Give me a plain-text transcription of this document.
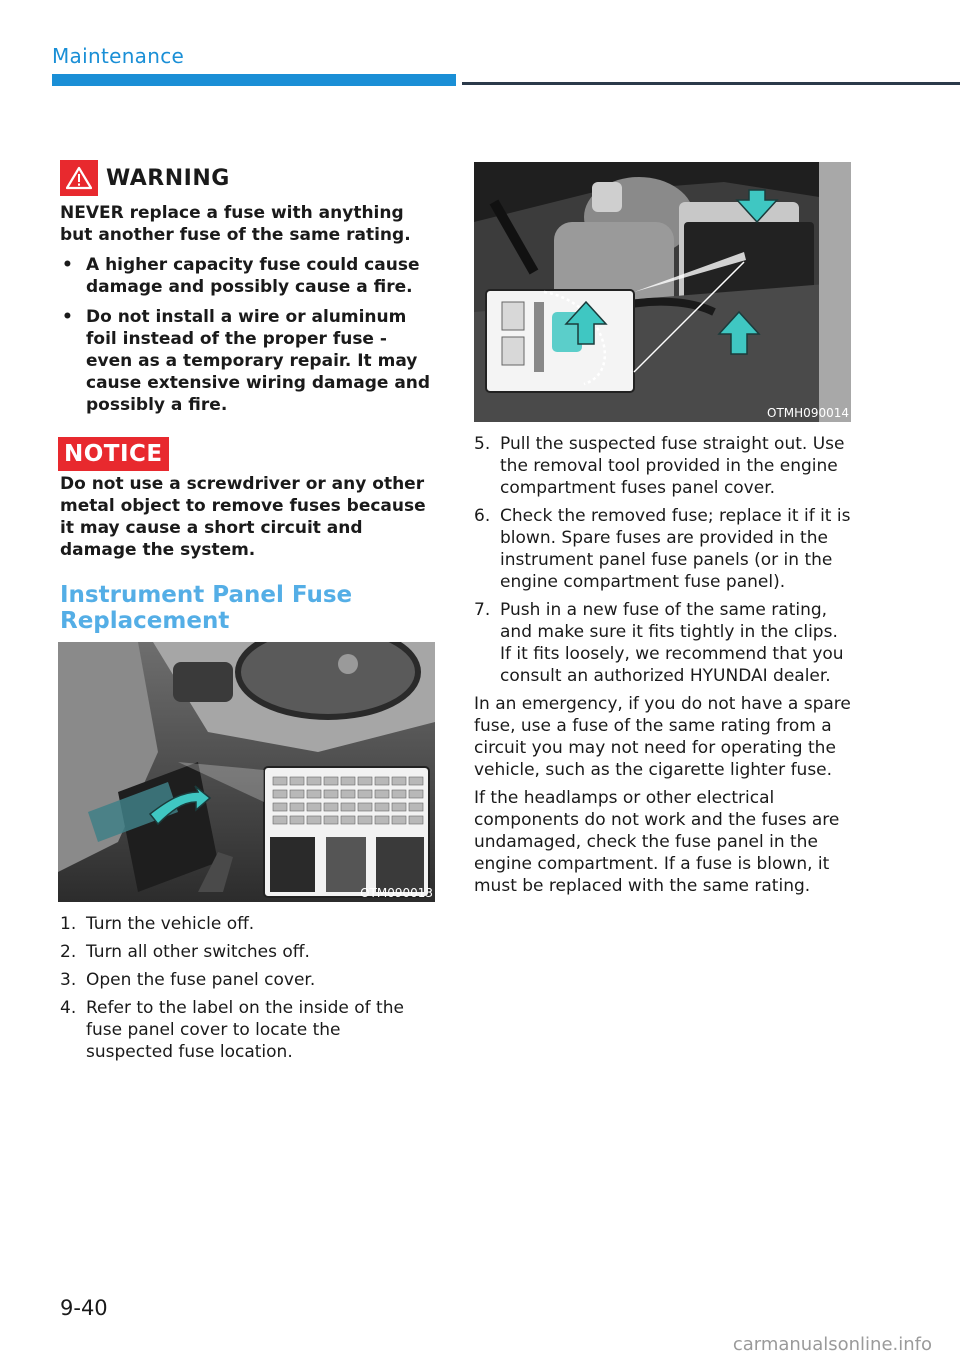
Maintenance
WARNING

NEVER replace a fuse with anything but another fuse of the same rating.

• A higher capacity fuse could cause damage and possibly cause a fire.
• Do not install a wire or aluminum foil instead of the proper fuse - even as a temporary repair. It may cause extensive wiring damage and possibly a fire.
NOTICE

Do not use a screwdriver or any other metal object to remove fuses because it may cause a short circuit and damage the system.

Instrument Panel Fuse
Replacement
OTM090013
1. Turn the vehicle off.
2. Turn all other switches off.
3. Open the fuse panel cover.
4. Refer to the label on the inside of the fuse panel cover to locate the suspected fuse location.
OTMH090014
5. Pull the suspected fuse straight out. Use the removal tool provided in the engine compartment fuses panel cover.
6. Check the removed fuse; replace it if it is blown. Spare fuses are provided in the instrument panel fuse panels (or in the engine compartment fuse panel).
7. Push in a new fuse of the same rating, and make sure it fits tightly in the clips. If it fits loosely, we recommend that you consult an authorized HYUNDAI dealer.

In an emergency, if you do not have a spare fuse, use a fuse of the same rating from a circuit you may not need for operating the vehicle, such as the cigarette lighter fuse.

If the headlamps or other electrical components do not work and the fuses are undamaged, check the fuse panel in the engine compartment. If a fuse is blown, it must be replaced with the same rating.

9-40
carmanualsonline.info
